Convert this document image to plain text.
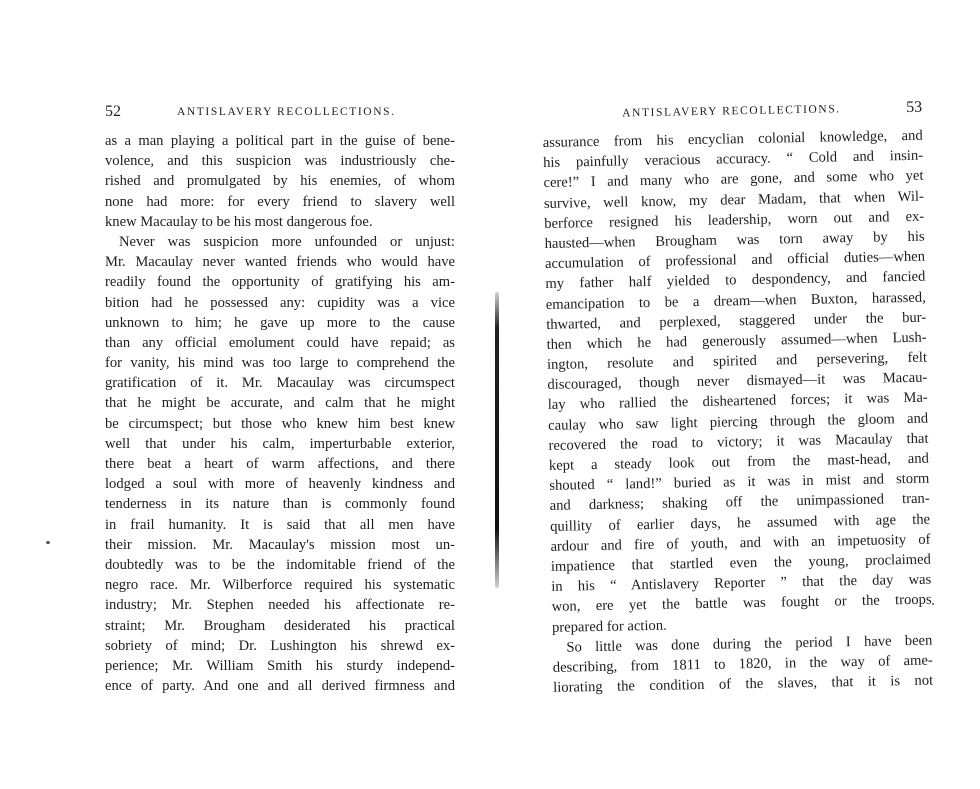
52	ANTISLAVERY RECOLLECTIONS.
as a man playing a political part in the guise of bene-
volence, and this suspicion was industriously che-
rished and promulgated by his enemies, of whom
none had more: for every friend to slavery well
knew Macaulay to be his most dangerous foe.
Never was suspicion more unfounded or unjust:
Mr. Macaulay never wanted friends who would have
readily found the opportunity of gratifying his am-
bition had he possessed any: cupidity was a vice
unknown to him; he gave up more to the cause
than any official emolument could have repaid; as
for vanity, his mind was too large to comprehend the
gratification of it. Mr. Macaulay was circumspect
that he might be accurate, and calm that he might
be circumspect; but those who knew him best knew
well that under his calm, imperturbable exterior,
there beat a heart of warm affections, and there
lodged a soul with more of heavenly kindness and
tenderness in its nature than is commonly found
in frail humanity. It is said that all men have
their mission. Mr. Macaulay's mission most un-
doubtedly was to be the indomitable friend of the
negro race. Mr. Wilberforce required his systematic
industry; Mr. Stephen needed his affectionate re-
straint; Mr. Brougham desiderated his practical
sobriety of mind; Dr. Lushington his shrewd ex-
perience; Mr. William Smith his sturdy independ-
ence of party. And one and all derived firmness and
ANTISLAVERY RECOLLECTIONS.	53
assurance from his encyclian colonial knowledge, and
his painfully veracious accuracy. “ Cold and insin-
cere!” I and many who are gone, and some who yet
survive, well know, my dear Madam, that when Wil-
berforce resigned his leadership, worn out and ex-
hausted—when Brougham was torn away by his
accumulation of professional and official duties—when
my father half yielded to despondency, and fancied
emancipation to be a dream—when Buxton, harassed,
thwarted, and perplexed, staggered under the bur-
then which he had generously assumed—when Lush-
ington, resolute and spirited and persevering, felt
discouraged, though never dismayed—it was Macau-
lay who rallied the disheartened forces; it was Ma-
caulay who saw light piercing through the gloom and
recovered the road to victory; it was Macaulay that
kept a steady look out from the mast-head, and
shouted “ land!” buried as it was in mist and storm
and darkness; shaking off the unimpassioned tran-
quillity of earlier days, he assumed with age the
ardour and fire of youth, and with an impetuosity of
impatience that startled even the young, proclaimed
in his “ Antislavery Reporter ” that the day was
won, ere yet the battle was fought or the troops
prepared for action.
So little was done during the period I have been
describing, from 1811 to 1820, in the way of ame-
liorating the condition of the slaves, that it is not
